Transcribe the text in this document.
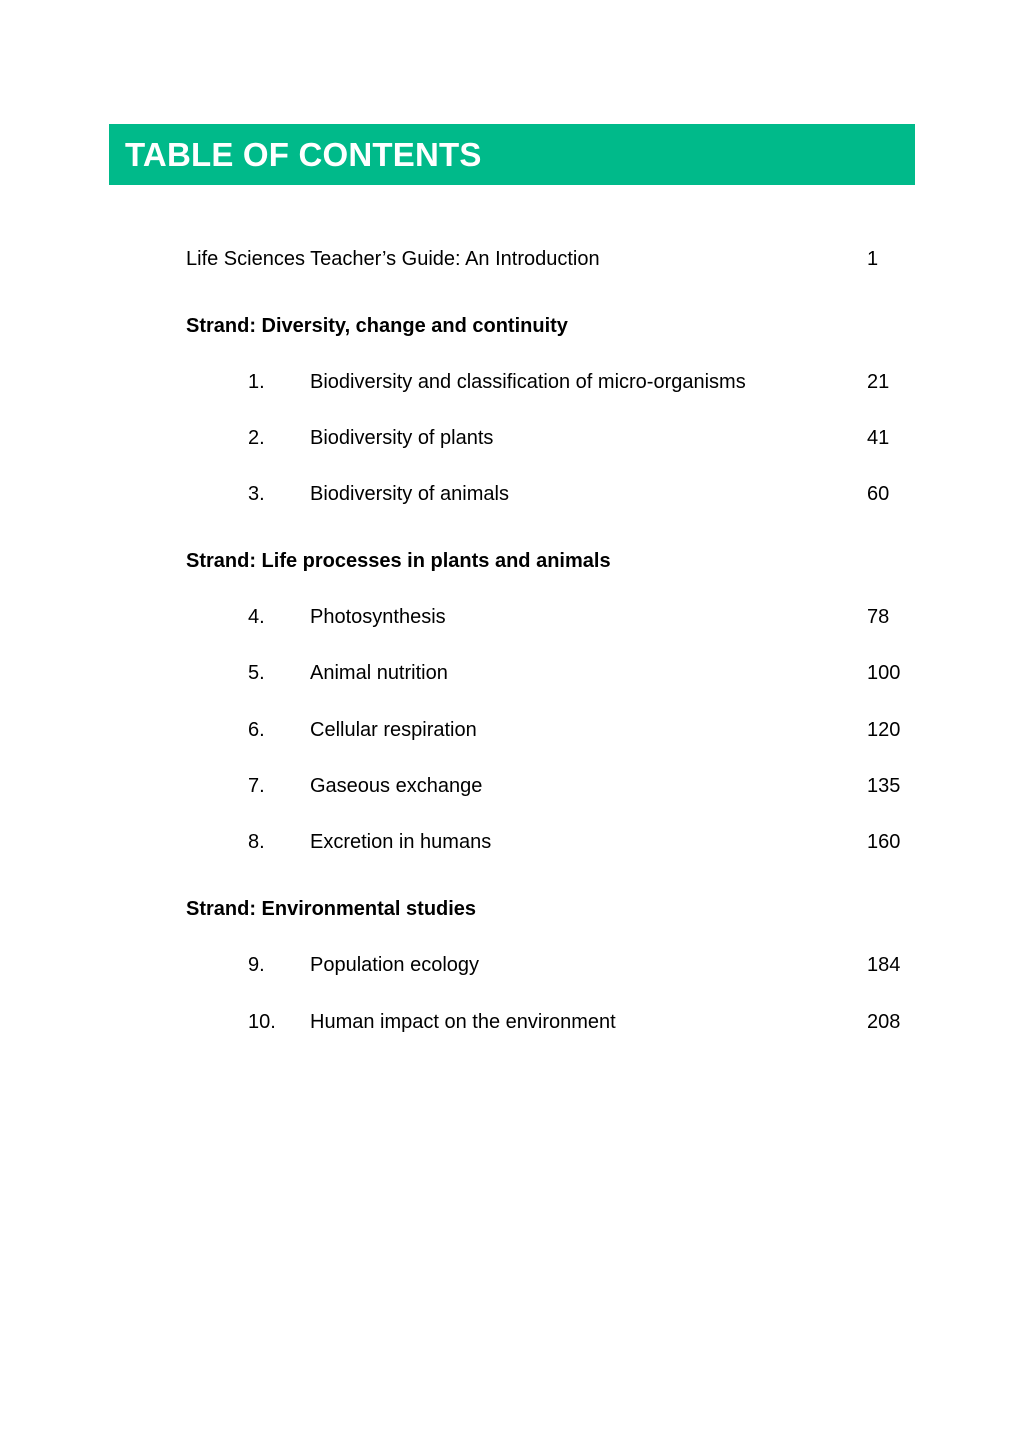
TABLE OF CONTENTS
Life Sciences Teacher’s Guide: An Introduction	1
Strand: Diversity, change and continuity
1. Biodiversity and classification of micro-organisms	21
2. Biodiversity of plants	41
3. Biodiversity of animals	60
Strand: Life processes in plants and animals
4. Photosynthesis	78
5. Animal nutrition	100
6. Cellular respiration	120
7. Gaseous exchange	135
8. Excretion in humans	160
Strand: Environmental studies
9. Population ecology	184
10. Human impact on the environment	208
